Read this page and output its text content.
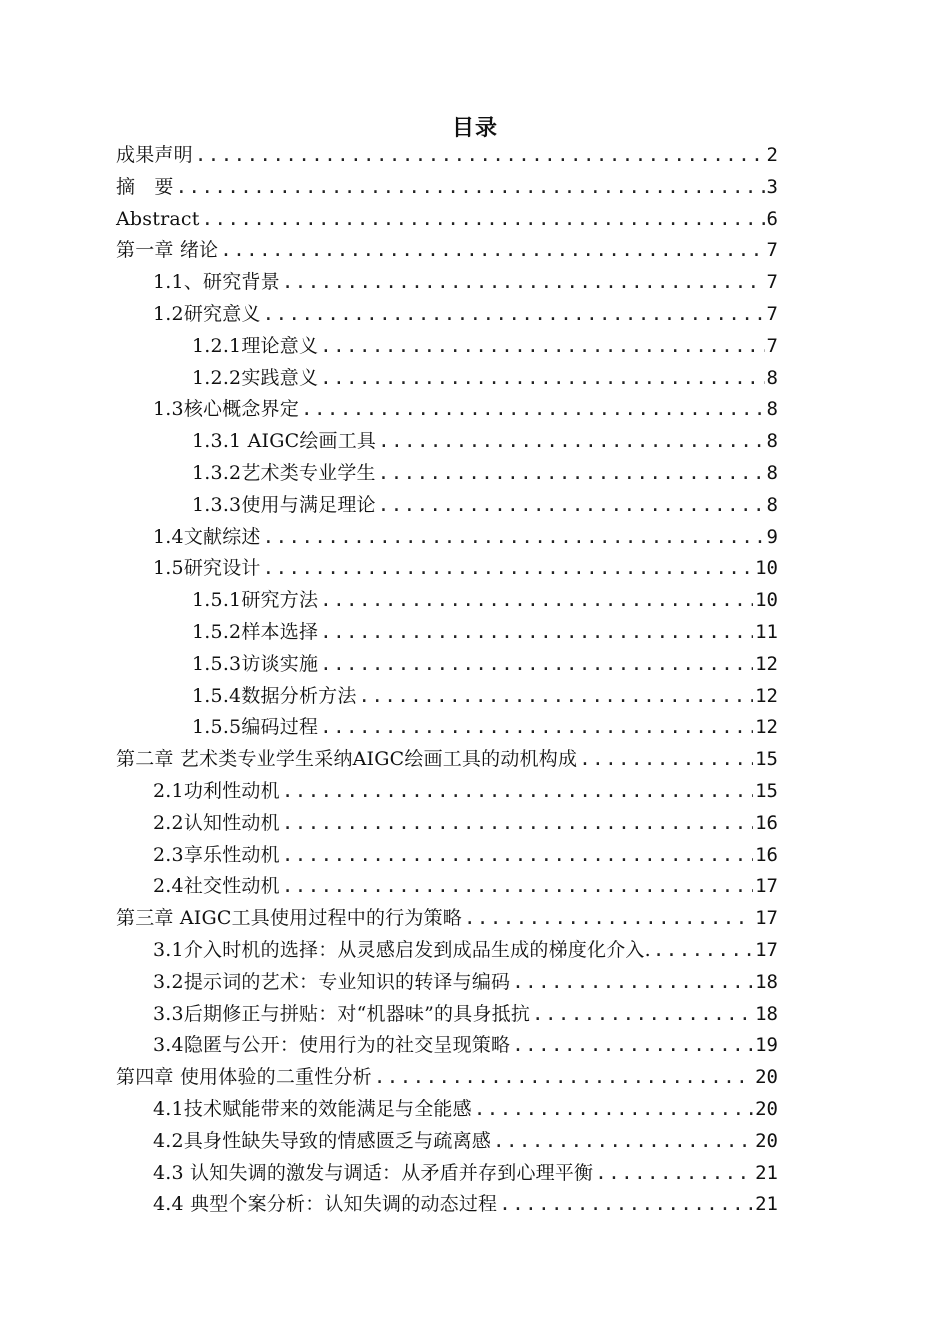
目录
成果声明 .....	2
摘　要 .....	3
Abstract .....	6
第一章 绪论 .....	7
1.1、研究背景 .....	7
1.2研究意义 .....	7
1.2.1理论意义 .....	7
1.2.2实践意义 .....	8
1.3核心概念界定 .....	8
1.3.1 AIGC绘画工具 .....	8
1.3.2艺术类专业学生 .....	8
1.3.3使用与满足理论 .....	8
1.4文献综述 .....	9
1.5研究设计 .....	10
1.5.1研究方法 .....	10
1.5.2样本选择 .....	11
1.5.3访谈实施 .....	12
1.5.4数据分析方法 .....	12
1.5.5编码过程 .....	12
第二章 艺术类专业学生采纳AIGC绘画工具的动机构成 .....	15
2.1功利性动机 .....	15
2.2认知性动机 .....	16
2.3享乐性动机 .....	16
2.4社交性动机 .....	17
第三章 AIGC工具使用过程中的行为策略 .....	17
3.1介入时机的选择：从灵感启发到成品生成的梯度化介入. .....	17
3.2提示词的艺术：专业知识的转译与编码 .....	18
3.3后期修正与拼贴：对“机器味”的具身抵抗 .....	18
3.4隐匿与公开：使用行为的社交呈现策略 .....	19
第四章 使用体验的二重性分析 .....	20
4.1技术赋能带来的效能满足与全能感 .....	20
4.2具身性缺失导致的情感匮乏与疏离感 .....	20
4.3 认知失调的激发与调适：从矛盾并存到心理平衡 .....	21
4.4 典型个案分析：认知失调的动态过程 .....	21
